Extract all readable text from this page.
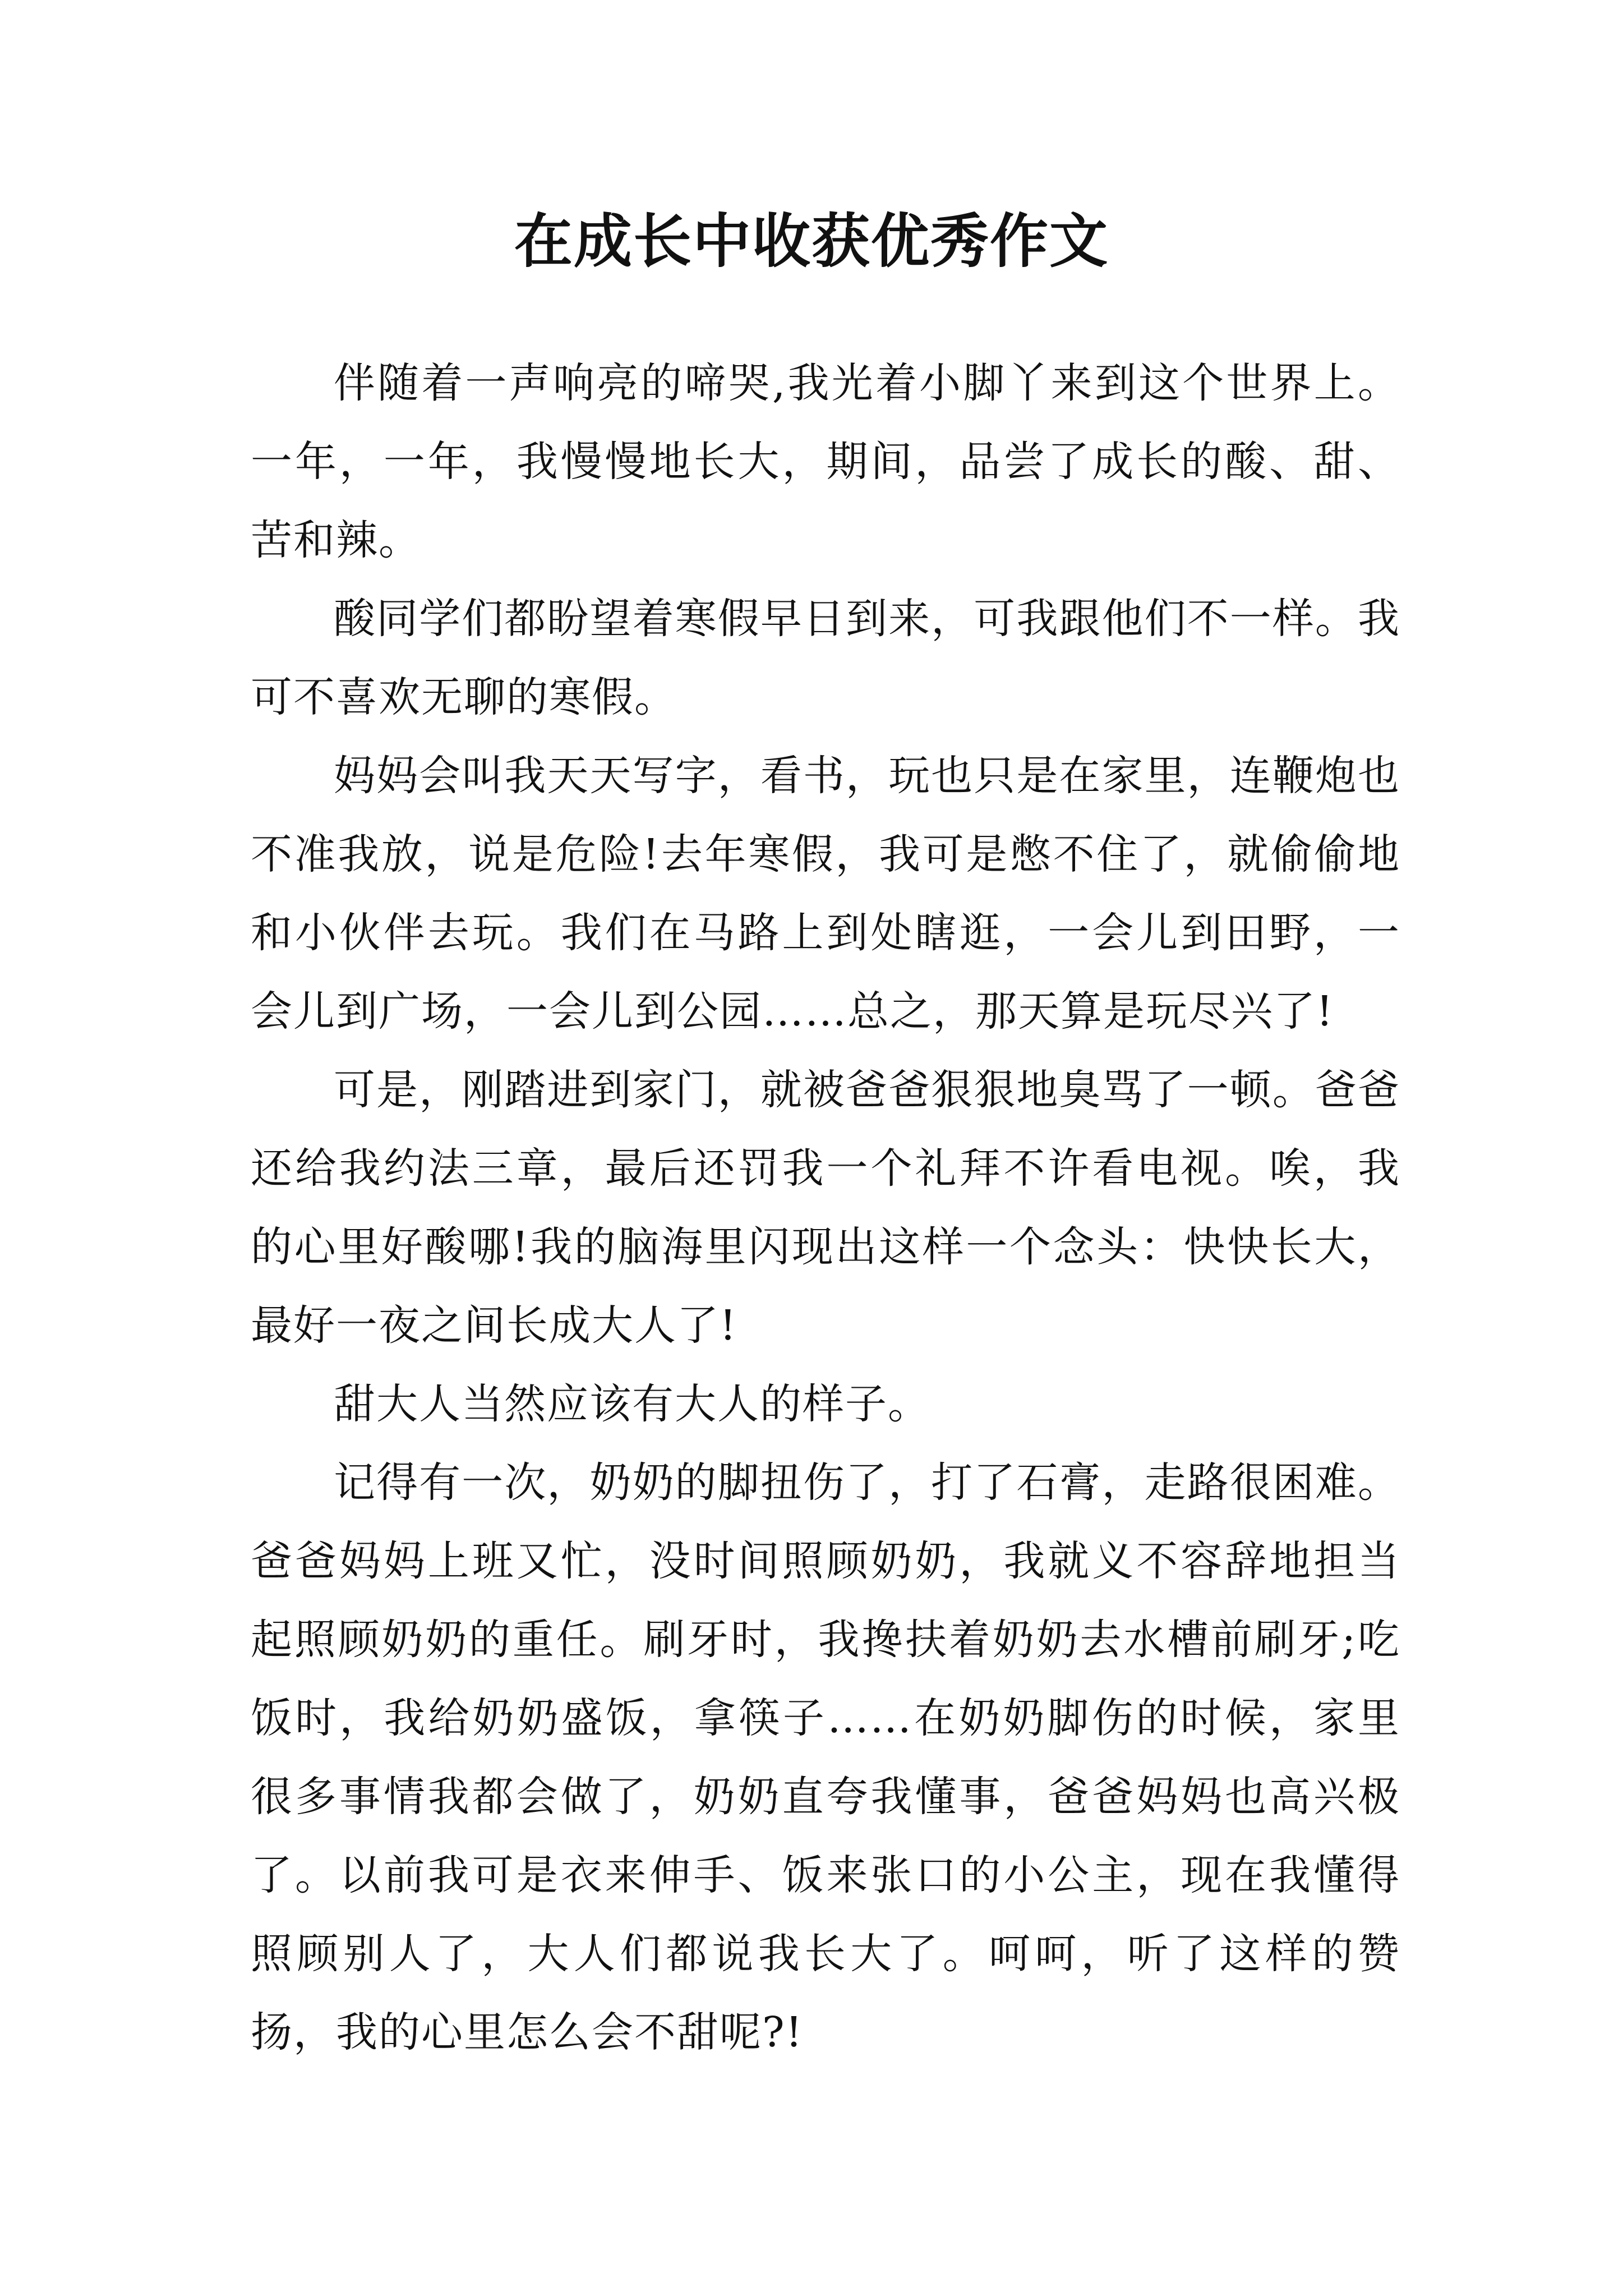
在成长中收获优秀作文

伴随着一声响亮的啼哭,我光着小脚丫来到这个世界上。一年，一年，我慢慢地长大，期间，品尝了成长的酸、甜、苦和辣。

酸同学们都盼望着寒假早日到来，可我跟他们不一样。我可不喜欢无聊的寒假。

妈妈会叫我天天写字，看书，玩也只是在家里，连鞭炮也不准我放，说是危险!去年寒假，我可是憋不住了，就偷偷地和小伙伴去玩。我们在马路上到处瞎逛，一会儿到田野，一会儿到广场，一会儿到公园……总之，那天算是玩尽兴了!

可是，刚踏进到家门，就被爸爸狠狠地臭骂了一顿。爸爸还给我约法三章，最后还罚我一个礼拜不许看电视。唉，我的心里好酸哪!我的脑海里闪现出这样一个念头：快快长大，最好一夜之间长成大人了!

甜大人当然应该有大人的样子。

记得有一次，奶奶的脚扭伤了，打了石膏，走路很困难。爸爸妈妈上班又忙，没时间照顾奶奶，我就义不容辞地担当起照顾奶奶的重任。刷牙时，我搀扶着奶奶去水槽前刷牙;吃饭时，我给奶奶盛饭，拿筷子……在奶奶脚伤的时候，家里很多事情我都会做了，奶奶直夸我懂事，爸爸妈妈也高兴极了。以前我可是衣来伸手、饭来张口的小公主，现在我懂得照顾别人了，大人们都说我长大了。呵呵，听了这样的赞扬，我的心里怎么会不甜呢?!
